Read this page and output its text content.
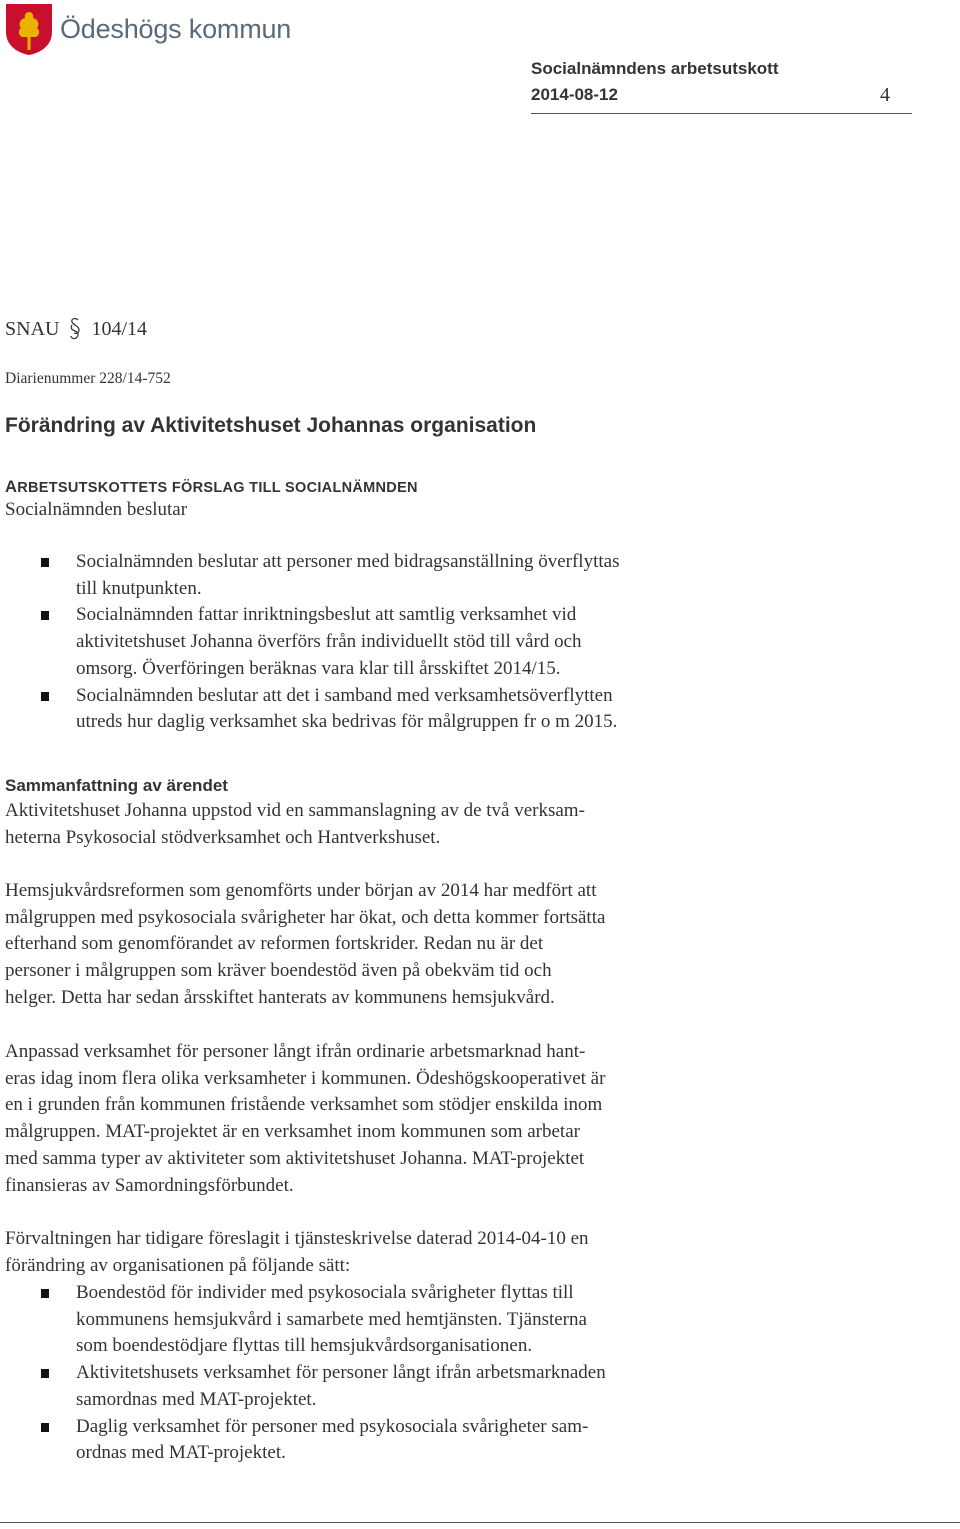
Ödeshögs kommun
Socialnämndens arbetsutskott
2014-08-12	4
SNAU 104/14
Diarienummer 228/14-752
Förändring av Aktivitetshuset Johannas organisation
ARBETSUTSKOTTETS FÖRSLAG TILL SOCIALNÄMNDEN
Socialnämnden beslutar
Socialnämnden beslutar att personer med bidragsanställning överflyttas
till knutpunkten.
Socialnämnden fattar inriktningsbeslut att samtlig verksamhet vid
aktivitetshuset Johanna överförs från individuellt stöd till vård och
omsorg. Överföringen beräknas vara klar till årsskiftet 2014/15.
Socialnämnden beslutar att det i samband med verksamhetsöverflytten
utreds hur daglig verksamhet ska bedrivas för målgruppen fr o m 2015.
Sammanfattning av ärendet
Aktivitetshuset Johanna uppstod vid en sammanslagning av de två verksam-
heterna Psykosocial stödverksamhet och Hantverkshuset.
Hemsjukvårdsreformen som genomförts under början av 2014 har medfört att
målgruppen med psykosociala svårigheter har ökat, och detta kommer fortsätta
efterhand som genomförandet av reformen fortskrider. Redan nu är det
personer i målgruppen som kräver boendestöd även på obekväm tid och
helger. Detta har sedan årsskiftet hanterats av kommunens hemsjukvård.
Anpassad verksamhet för personer långt ifrån ordinarie arbetsmarknad hant-
eras idag inom flera olika verksamheter i kommunen. Ödeshögskooperativet är
en i grunden från kommunen fristående verksamhet som stödjer enskilda inom
målgruppen. MAT-projektet är en verksamhet inom kommunen som arbetar
med samma typer av aktiviteter som aktivitetshuset Johanna. MAT-projektet
finansieras av Samordningsförbundet.
Förvaltningen har tidigare föreslagit i tjänsteskrivelse daterad 2014-04-10 en
förändring av organisationen på följande sätt:
Boendestöd för individer med psykosociala svårigheter flyttas till
kommunens hemsjukvård i samarbete med hemtjänsten. Tjänsterna
som boendestödjare flyttas till hemsjukvårdsorganisationen.
Aktivitetshusets verksamhet för personer långt ifrån arbetsmarknaden
samordnas med MAT-projektet.
Daglig verksamhet för personer med psykosociala svårigheter sam-
ordnas med MAT-projektet.
